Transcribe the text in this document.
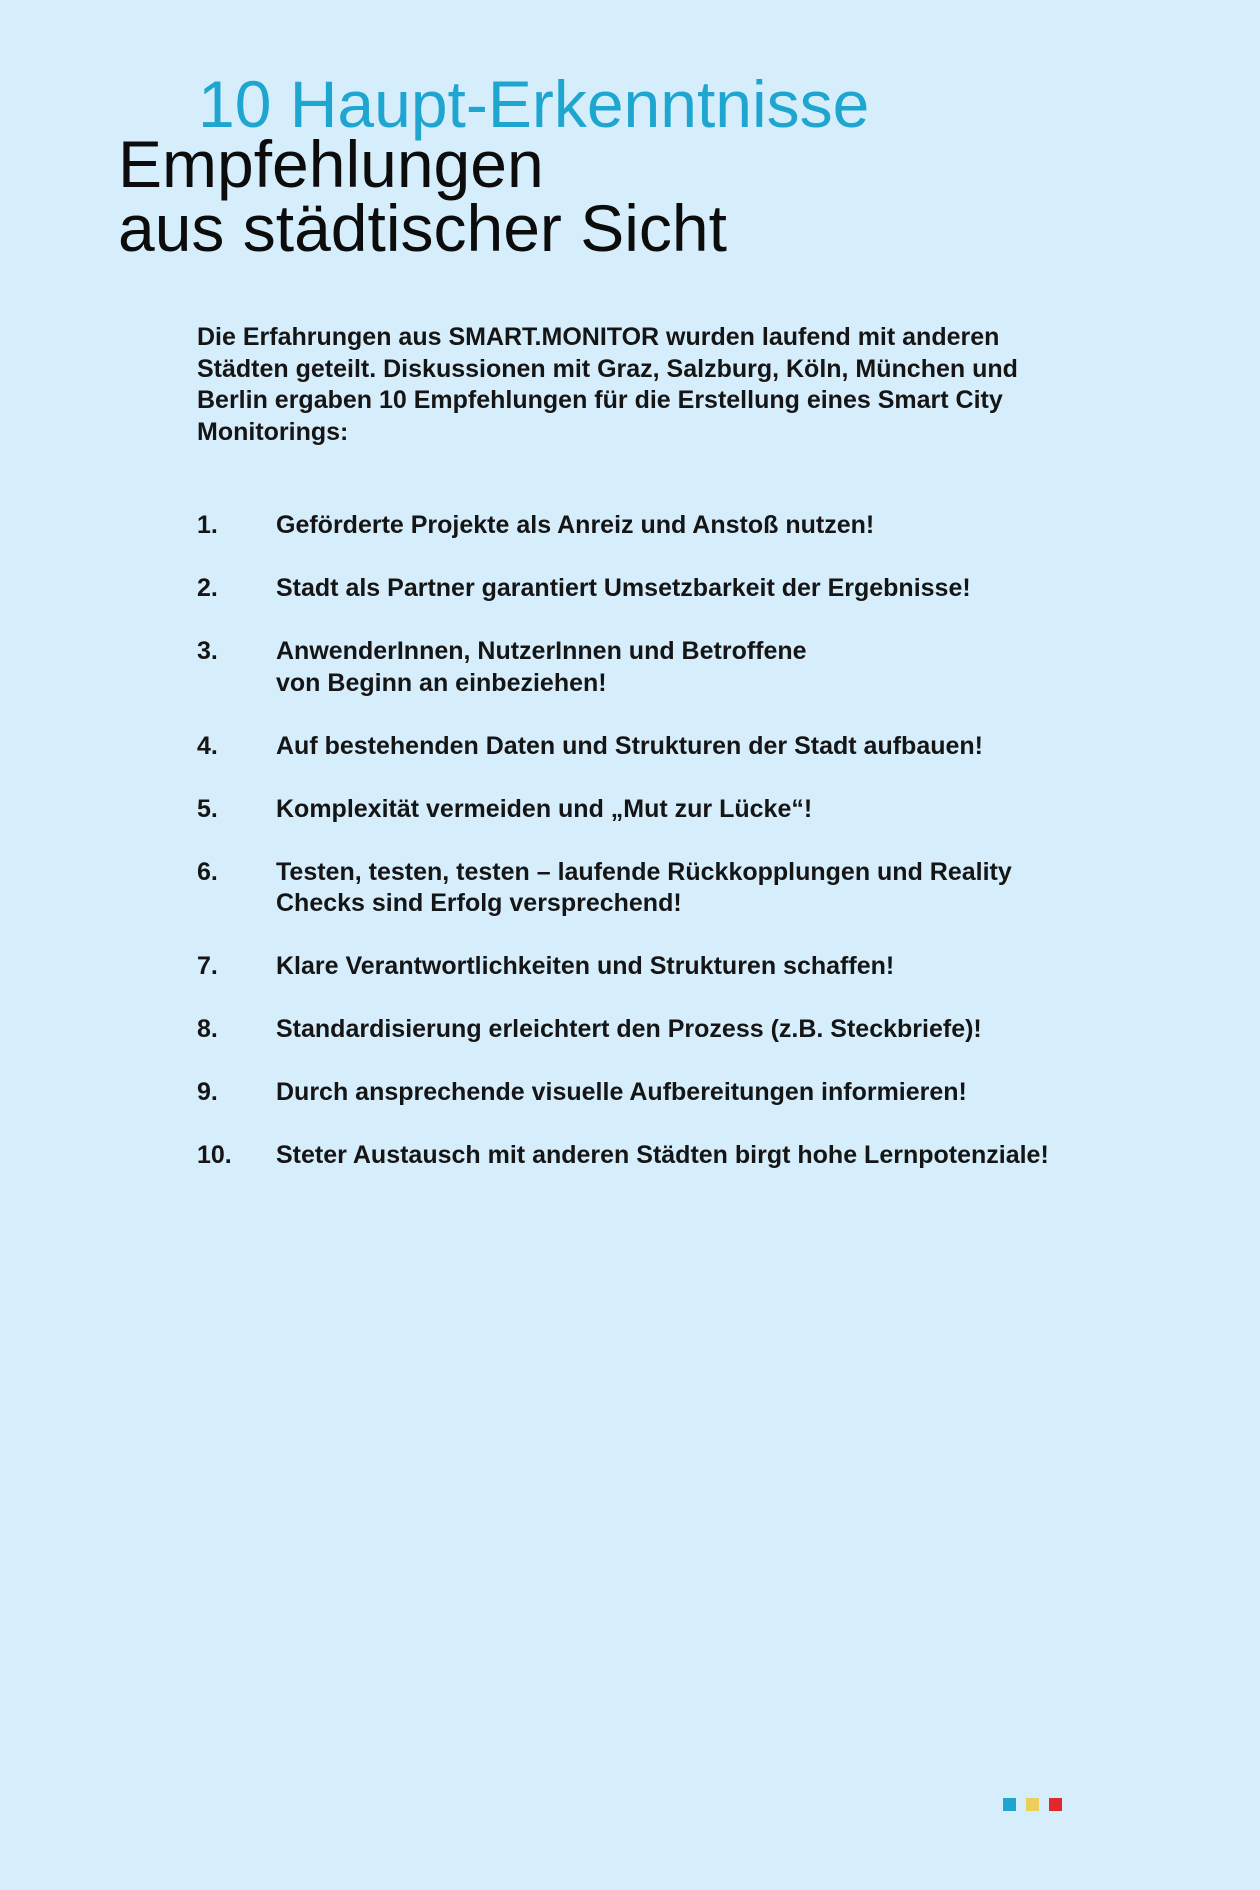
10 Haupt-Erkenntnisse
Empfehlungen
aus städtischer Sicht

Die Erfahrungen aus SMART.MONITOR wurden laufend mit anderen Städten geteilt. Diskussionen mit Graz, Salzburg, Köln, München und Berlin ergaben 10 Empfehlungen für die Erstellung eines Smart City Monitorings:

1.	Geförderte Projekte als Anreiz und Anstoß nutzen!
2.	Stadt als Partner garantiert Umsetzbarkeit der Ergebnisse!
3.	AnwenderInnen, NutzerInnen und Betroffene
von Beginn an einbeziehen!
4.	Auf bestehenden Daten und Strukturen der Stadt aufbauen!
5.	Komplexität vermeiden und „Mut zur Lücke“!
6.	Testen, testen, testen – laufende Rückkopplungen und Reality
Checks sind Erfolg versprechend!
7.	Klare Verantwortlichkeiten und Strukturen schaffen!
8.	Standardisierung erleichtert den Prozess (z.B. Steckbriefe)!
9.	Durch ansprechende visuelle Aufbereitungen informieren!
10.	Steter Austausch mit anderen Städten birgt hohe Lernpotenziale!
